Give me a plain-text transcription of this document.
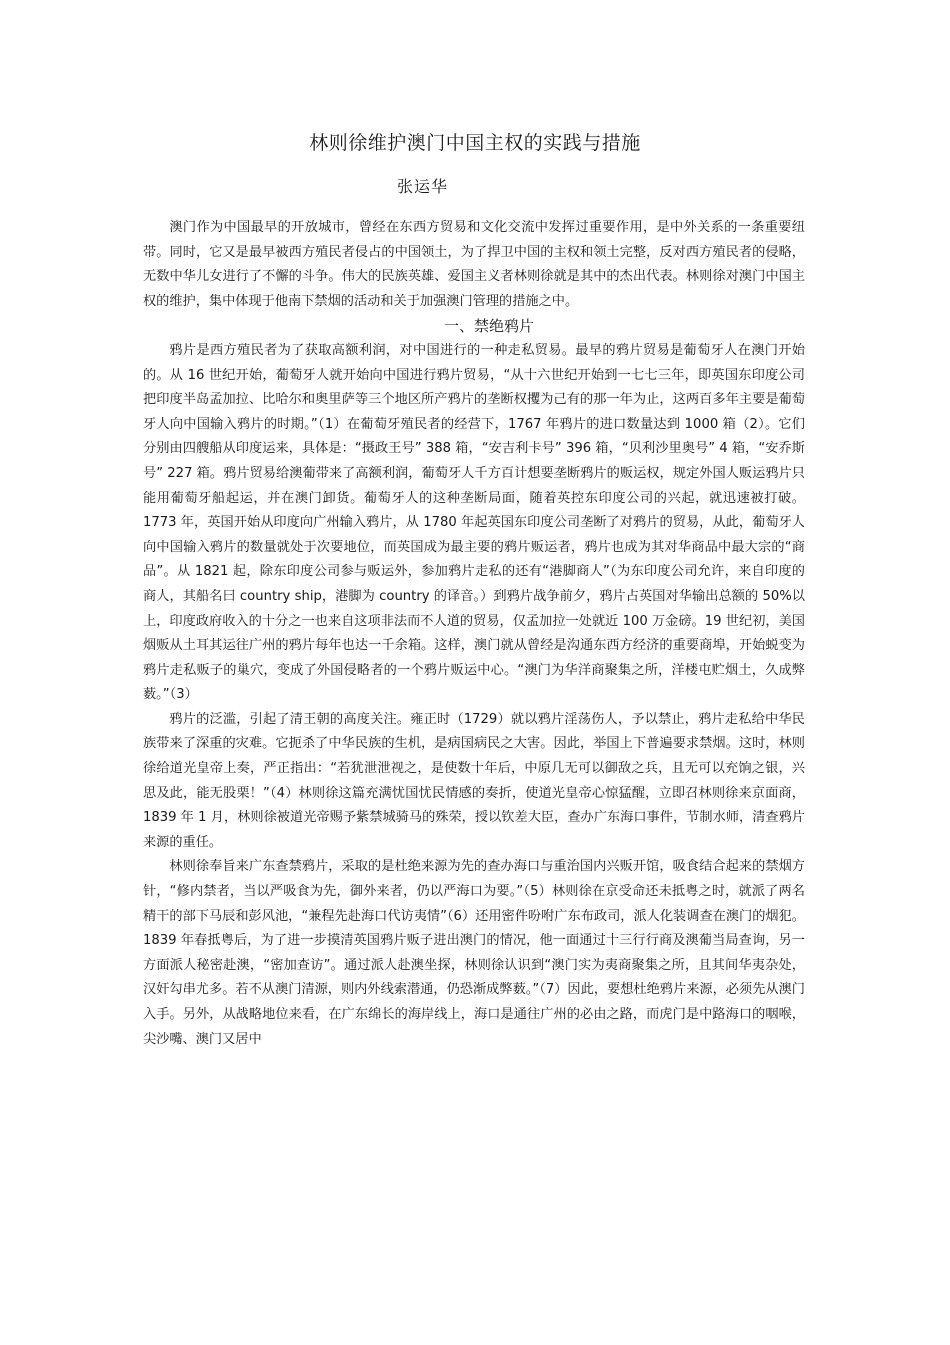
林则徐维护澳门中国主权的实践与措施
张运华

澳门作为中国最早的开放城市，曾经在东西方贸易和文化交流中发挥过重要作用，是中外关系的一条重要纽带。同时，它又是最早被西方殖民者侵占的中国领土，为了捍卫中国的主权和领土完整，反对西方殖民者的侵略，无数中华儿女进行了不懈的斗争。伟大的民族英雄、爱国主义者林则徐就是其中的杰出代表。林则徐对澳门中国主权的维护，集中体现于他南下禁烟的活动和关于加强澳门管理的措施之中。

一、禁绝鸦片

鸦片是西方殖民者为了获取高额利润，对中国进行的一种走私贸易。最早的鸦片贸易是葡萄牙人在澳门开始的。从 16 世纪开始，葡萄牙人就开始向中国进行鸦片贸易，“从十六世纪开始到一七七三年，即英国东印度公司把印度半岛孟加拉、比哈尔和奥里萨等三个地区所产鸦片的垄断权攫为己有的那一年为止，这两百多年主要是葡萄牙人向中国输入鸦片的时期。”（1）在葡萄牙殖民者的经营下，1767 年鸦片的进口数量达到 1000 箱（2）。它们分别由四艘船从印度运来，具体是：“摄政王号” 388 箱，“安吉利卡号” 396 箱，“贝利沙里奥号” 4 箱，“安乔斯号” 227 箱。鸦片贸易给澳葡带来了高额利润，葡萄牙人千方百计想要垄断鸦片的贩运权，规定外国人贩运鸦片只能用葡萄牙船起运，并在澳门卸货。葡萄牙人的这种垄断局面，随着英控东印度公司的兴起，就迅速被打破。1773 年，英国开始从印度向广州输入鸦片，从 1780 年起英国东印度公司垄断了对鸦片的贸易，从此，葡萄牙人向中国输入鸦片的数量就处于次要地位，而英国成为最主要的鸦片贩运者，鸦片也成为其对华商品中最大宗的“商品”。从 1821 起，除东印度公司参与贩运外，参加鸦片走私的还有“港脚商人”（为东印度公司允许，来自印度的商人，其船名曰 country ship，港脚为 country 的译音。）到鸦片战争前夕，鸦片占英国对华输出总额的 50%以上，印度政府收入的十分之一也来自这项非法而不人道的贸易，仅孟加拉一处就近 100 万金磅。19 世纪初，美国烟贩从土耳其运往广州的鸦片每年也达一千余箱。这样，澳门就从曾经是沟通东西方经济的重要商埠，开始蜕变为鸦片走私贩子的巢穴，变成了外国侵略者的一个鸦片贩运中心。“澳门为华洋商聚集之所，洋楼屯贮烟土，久成弊薮。”（3）

鸦片的泛滥，引起了清王朝的高度关注。雍正时（1729）就以鸦片淫荡伤人，予以禁止，鸦片走私给中华民族带来了深重的灾难。它扼杀了中华民族的生机，是病国病民之大害。因此，举国上下普遍要求禁烟。这时，林则徐给道光皇帝上奏，严正指出：“若犹泄泄视之，是使数十年后，中原几无可以御敌之兵，且无可以充饷之银，兴思及此，能无股栗！”（4）林则徐这篇充满忧国忧民情感的奏折，使道光皇帝心惊猛醒，立即召林则徐来京面商，1839 年 1 月，林则徐被道光帝赐予紫禁城骑马的殊荣，授以钦差大臣，查办广东海口事件，节制水师，清查鸦片来源的重任。

林则徐奉旨来广东查禁鸦片，采取的是杜绝来源为先的查办海口与重治国内兴贩开馆，吸食结合起来的禁烟方针，“修内禁者，当以严吸食为先，御外来者，仍以严海口为要。”（5）林则徐在京受命还未抵粤之时，就派了两名精干的部下马辰和彭风池，“兼程先赴海口代访夷情”（6）还用密件吩咐广东布政司，派人化装调查在澳门的烟犯。1839 年春抵粤后，为了进一步摸清英国鸦片贩子进出澳门的情况，他一面通过十三行行商及澳葡当局查询，另一方面派人秘密赴澳，“密加查访”。通过派人赴澳坐探，林则徐认识到“澳门实为夷商聚集之所，且其间华夷杂处，汉奸勾串尤多。若不从澳门清源，则内外线索潜通，仍恐渐成弊薮。”（7）因此，要想杜绝鸦片来源，必须先从澳门入手。另外，从战略地位来看，在广东绵长的海岸线上，海口是通往广州的必由之路，而虎门是中路海口的咽喉，尖沙嘴、澳门又居中
